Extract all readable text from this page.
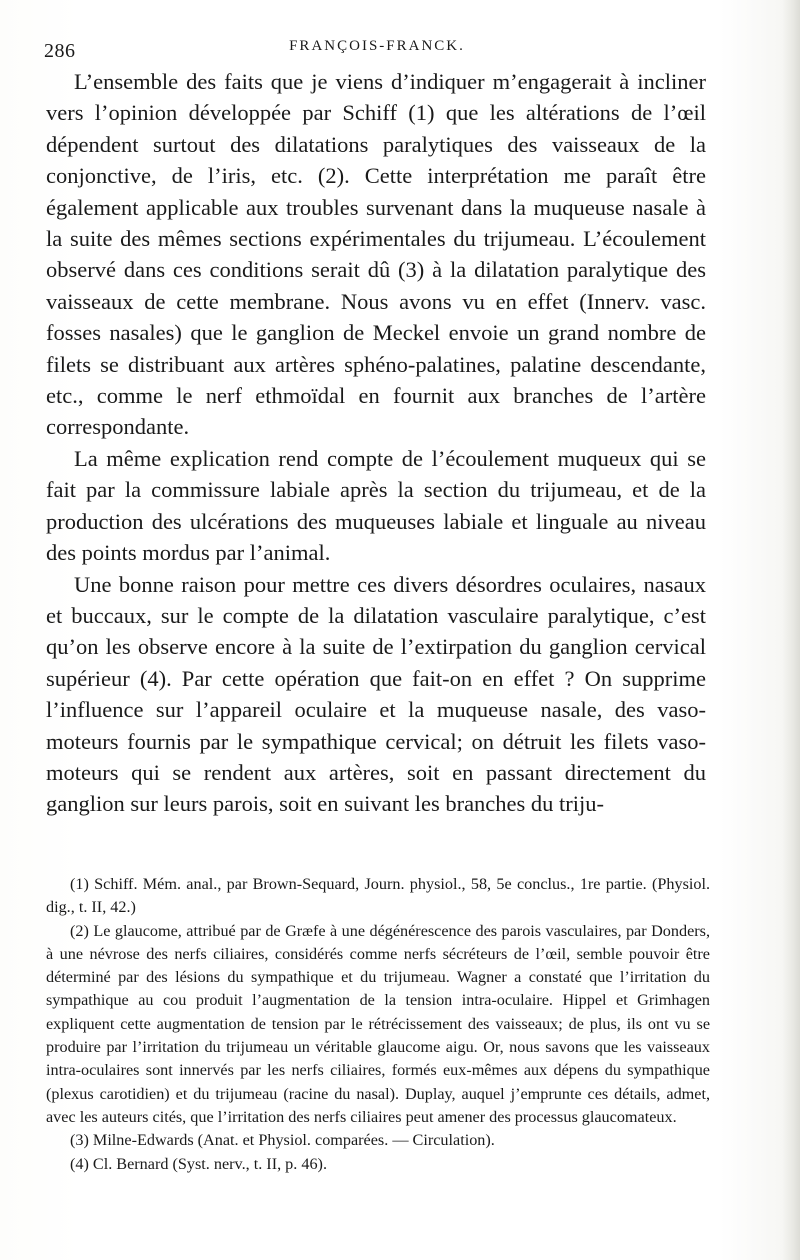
286	FRANÇOIS-FRANCK.

L’ensemble des faits que je viens d’indiquer m’engagerait à incliner vers l’opinion développée par Schiff (1) que les altérations de l’œil dépendent surtout des dilatations paralytiques des vaisseaux de la conjonctive, de l’iris, etc. (2). Cette interprétation me paraît être également applicable aux troubles survenant dans la muqueuse nasale à la suite des mêmes sections expérimentales du trijumeau. L’écoulement observé dans ces conditions serait dû (3) à la dilatation paralytique des vaisseaux de cette membrane. Nous avons vu en effet (Innerv. vasc. fosses nasales) que le ganglion de Meckel envoie un grand nombre de filets se distribuant aux artères sphéno-palatines, palatine descendante, etc., comme le nerf ethmoïdal en fournit aux branches de l’artère correspondante.

La même explication rend compte de l’écoulement muqueux qui se fait par la commissure labiale après la section du trijumeau, et de la production des ulcérations des muqueuses labiale et linguale au niveau des points mordus par l’animal.

Une bonne raison pour mettre ces divers désordres oculaires, nasaux et buccaux, sur le compte de la dilatation vasculaire paralytique, c’est qu’on les observe encore à la suite de l’extirpation du ganglion cervical supérieur (4). Par cette opération que fait-on en effet ? On supprime l’influence sur l’appareil oculaire et la muqueuse nasale, des vaso-moteurs fournis par le sympathique cervical; on détruit les filets vaso-moteurs qui se rendent aux artères, soit en passant directement du ganglion sur leurs parois, soit en suivant les branches du triju-

(1) Schiff. Mém. anal., par Brown-Sequard, Journ. physiol., 58, 5e conclus., 1re partie. (Physiol. dig., t. II, 42.)

(2) Le glaucome, attribué par de Græfe à une dégénérescence des parois vasculaires, par Donders, à une névrose des nerfs ciliaires, considérés comme nerfs sécréteurs de l’œil, semble pouvoir être déterminé par des lésions du sympathique et du trijumeau. Wagner a constaté que l’irritation du sympathique au cou produit l’augmentation de la tension intra-oculaire. Hippel et Grimhagen expliquent cette augmentation de tension par le rétrécissement des vaisseaux; de plus, ils ont vu se produire par l’irritation du trijumeau un véritable glaucome aigu. Or, nous savons que les vaisseaux intra-oculaires sont innervés par les nerfs ciliaires, formés eux-mêmes aux dépens du sympathique (plexus carotidien) et du trijumeau (racine du nasal). Duplay, auquel j’emprunte ces détails, admet, avec les auteurs cités, que l’irritation des nerfs ciliaires peut amener des processus glaucomateux.

(3) Milne-Edwards (Anat. et Physiol. comparées. — Circulation).

(4) Cl. Bernard (Syst. nerv., t. II, p. 46).
